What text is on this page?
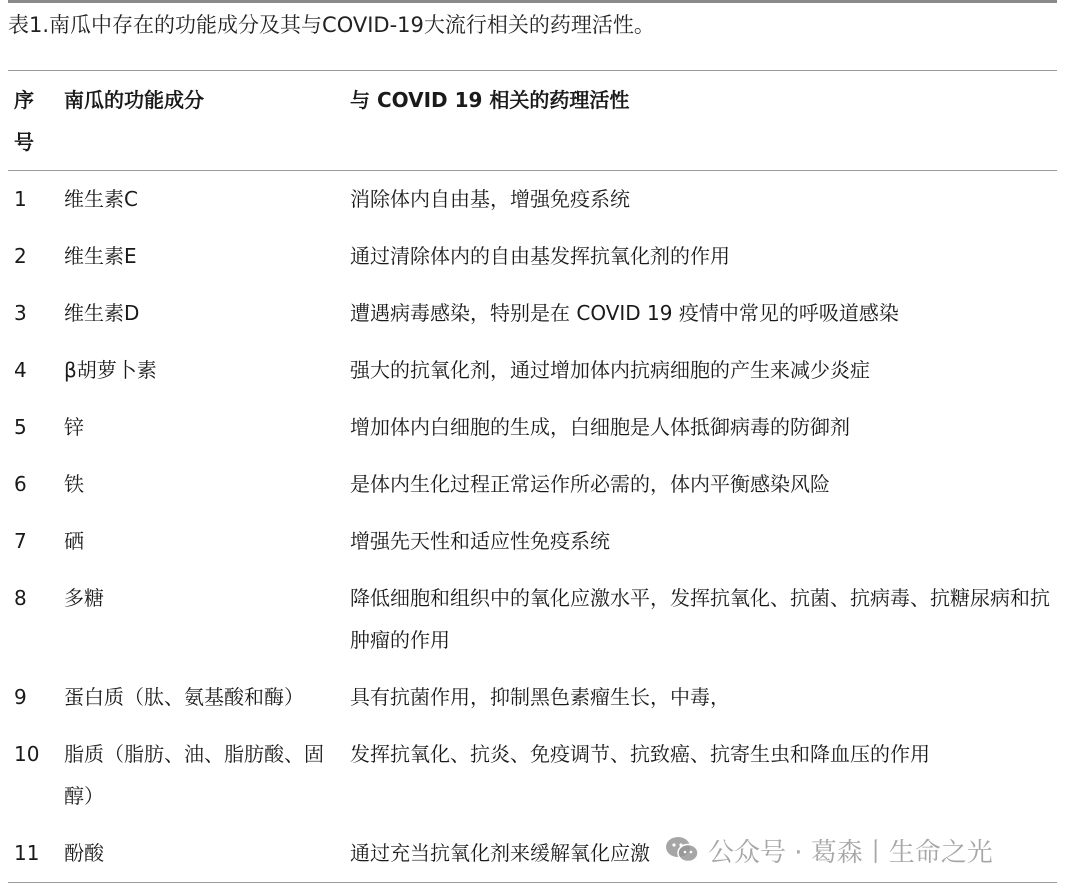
表1.南瓜中存在的功能成分及其与COVID-19大流行相关的药理活性。
序号	南瓜的功能成分	与 COVID 19 相关的药理活性
1	维生素C	消除体内自由基，增强免疫系统
2	维生素E	通过清除体内的自由基发挥抗氧化剂的作用
3	维生素D	遭遇病毒感染，特别是在 COVID 19 疫情中常见的呼吸道感染
4	β胡萝卜素	强大的抗氧化剂，通过增加体内抗病细胞的产生来减少炎症
5	锌	增加体内白细胞的生成，白细胞是人体抵御病毒的防御剂
6	铁	是体内生化过程正常运作所必需的，体内平衡感染风险
7	硒	增强先天性和适应性免疫系统
8	多糖	降低细胞和组织中的氧化应激水平，发挥抗氧化、抗菌、抗病毒、抗糖尿病和抗肿瘤的作用
9	蛋白质（肽、氨基酸和酶）	具有抗菌作用，抑制黑色素瘤生长，中毒，
10	脂质（脂肪、油、脂肪酸、固醇）	发挥抗氧化、抗炎、免疫调节、抗致癌、抗寄生虫和降血压的作用
11	酚酸	通过充当抗氧化剂来缓解氧化应激 公众号 · 葛森丨生命之光
